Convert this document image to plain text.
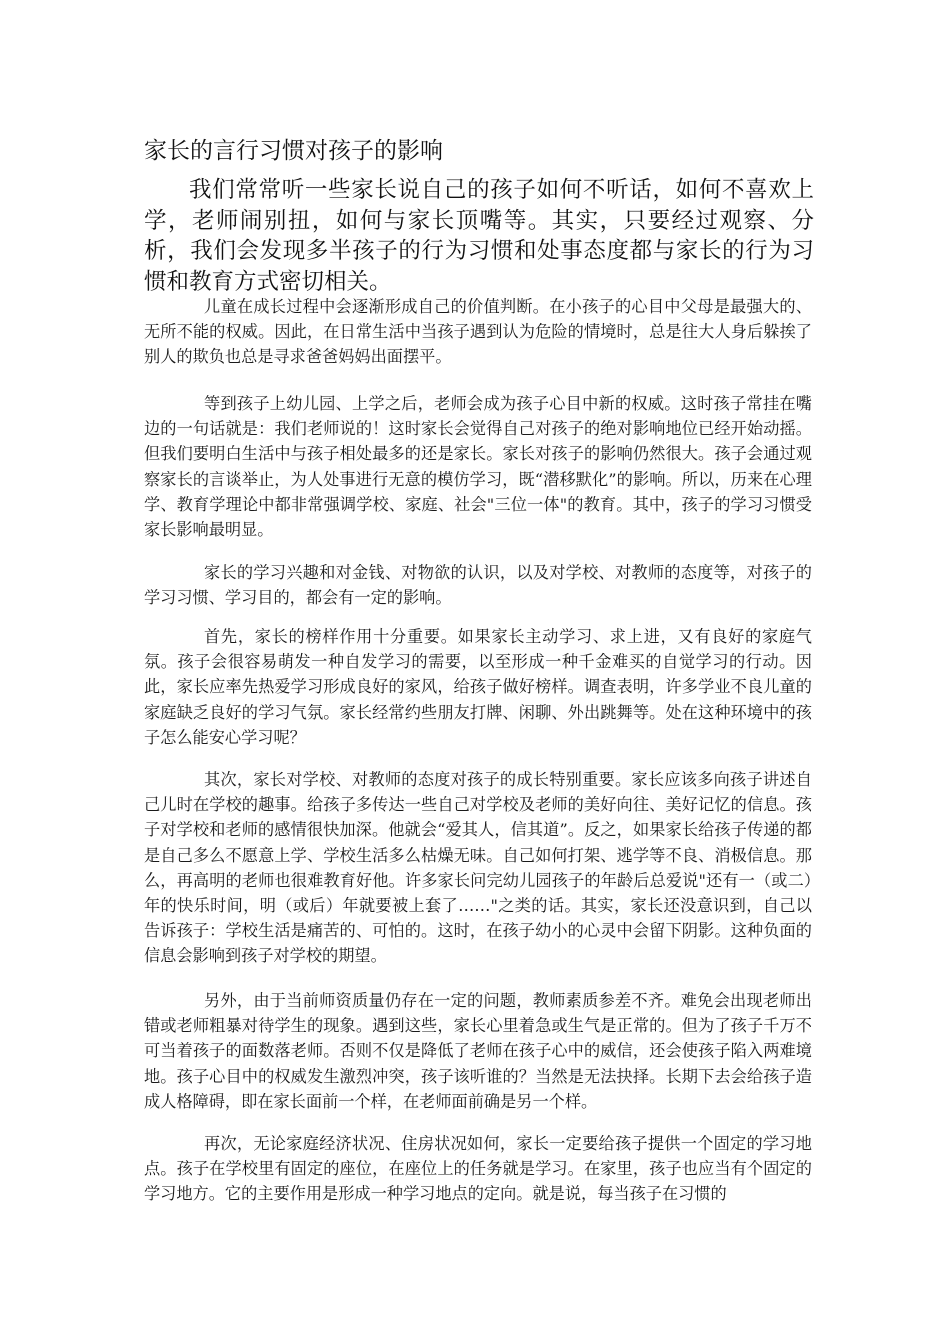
家长的言行习惯对孩子的影响

我们常常听一些家长说自己的孩子如何不听话，如何不喜欢上学，老师闹别扭，如何与家长顶嘴等。其实，只要经过观察、分析，我们会发现多半孩子的行为习惯和处事态度都与家长的行为习惯和教育方式密切相关。

儿童在成长过程中会逐渐形成自己的价值判断。在小孩子的心目中父母是最强大的、无所不能的权威。因此，在日常生活中当孩子遇到认为危险的情境时，总是往大人身后躲挨了别人的欺负也总是寻求爸爸妈妈出面摆平。

等到孩子上幼儿园、上学之后，老师会成为孩子心目中新的权威。这时孩子常挂在嘴边的一句话就是：我们老师说的！这时家长会觉得自己对孩子的绝对影响地位已经开始动摇。但我们要明白生活中与孩子相处最多的还是家长。家长对孩子的影响仍然很大。孩子会通过观察家长的言谈举止，为人处事进行无意的模仿学习，既“潜移默化”的影响。所以，历来在心理学、教育学理论中都非常强调学校、家庭、社会"三位一体"的教育。其中，孩子的学习习惯受家长影响最明显。

家长的学习兴趣和对金钱、对物欲的认识，以及对学校、对教师的态度等，对孩子的学习习惯、学习目的，都会有一定的影响。

首先，家长的榜样作用十分重要。如果家长主动学习、求上进，又有良好的家庭气氛。孩子会很容易萌发一种自发学习的需要，以至形成一种千金难买的自觉学习的行动。因此，家长应率先热爱学习形成良好的家风，给孩子做好榜样。调查表明，许多学业不良儿童的家庭缺乏良好的学习气氛。家长经常约些朋友打牌、闲聊、外出跳舞等。处在这种环境中的孩子怎么能安心学习呢？

其次，家长对学校、对教师的态度对孩子的成长特别重要。家长应该多向孩子讲述自己儿时在学校的趣事。给孩子多传达一些自己对学校及老师的美好向往、美好记忆的信息。孩子对学校和老师的感情很快加深。他就会“爱其人，信其道”。反之，如果家长给孩子传递的都是自己多么不愿意上学、学校生活多么枯燥无味。自己如何打架、逃学等不良、消极信息。那么，再高明的老师也很难教育好他。许多家长问完幼儿园孩子的年龄后总爱说"还有一（或二）年的快乐时间，明（或后）年就要被上套了……"之类的话。其实，家长还没意识到，自己以告诉孩子：学校生活是痛苦的、可怕的。这时，在孩子幼小的心灵中会留下阴影。这种负面的信息会影响到孩子对学校的期望。

另外，由于当前师资质量仍存在一定的问题，教师素质参差不齐。难免会出现老师出错或老师粗暴对待学生的现象。遇到这些，家长心里着急或生气是正常的。但为了孩子千万不可当着孩子的面数落老师。否则不仅是降低了老师在孩子心中的威信，还会使孩子陷入两难境地。孩子心目中的权威发生激烈冲突，孩子该听谁的？当然是无法抉择。长期下去会给孩子造成人格障碍，即在家长面前一个样，在老师面前确是另一个样。

再次，无论家庭经济状况、住房状况如何，家长一定要给孩子提供一个固定的学习地点。孩子在学校里有固定的座位，在座位上的任务就是学习。在家里，孩子也应当有个固定的学习地方。它的主要作用是形成一种学习地点的定向。就是说，每当孩子在习惯的
